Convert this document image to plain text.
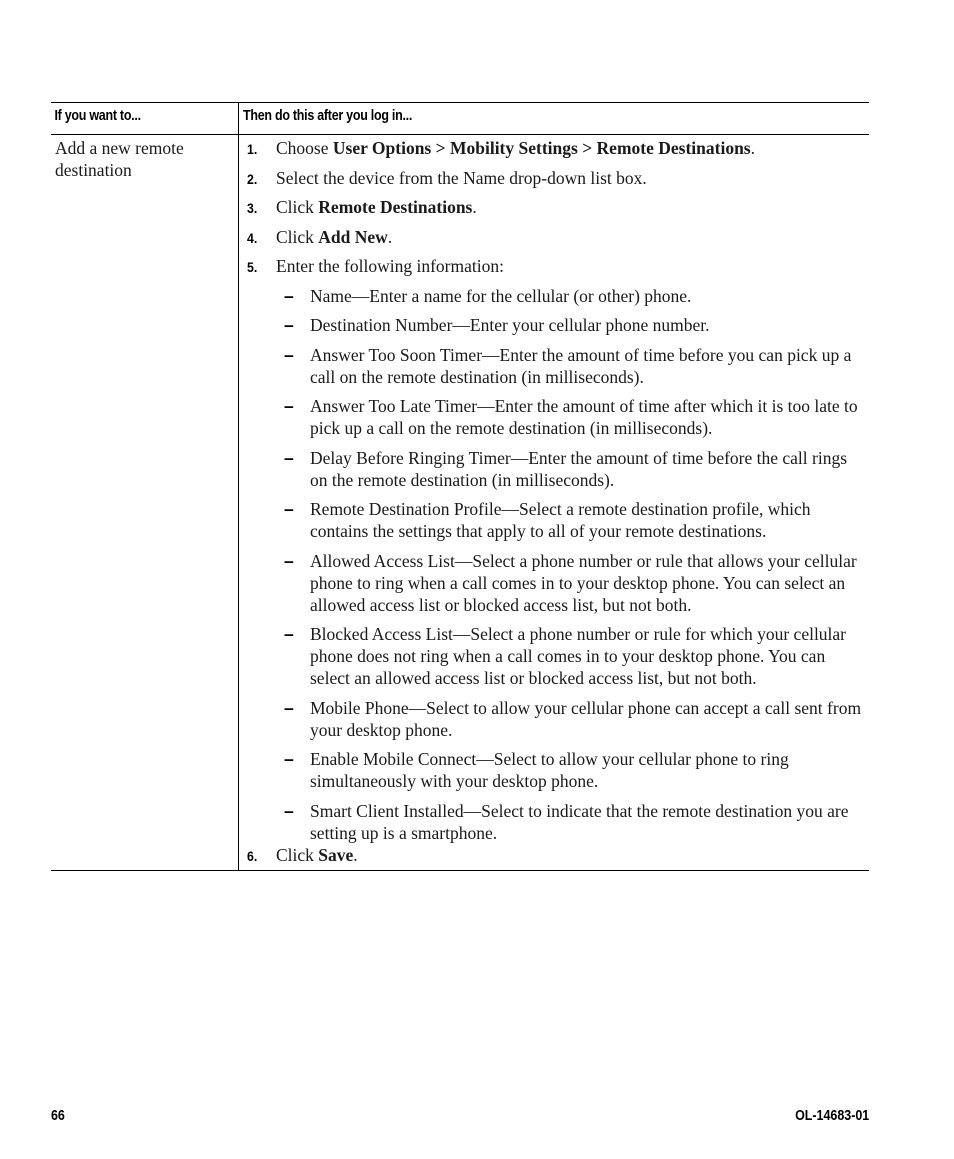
If you want to...	Then do this after you log in...
Add a new remote destination
1. Choose User Options > Mobility Settings > Remote Destinations.
2. Select the device from the Name drop-down list box.
3. Click Remote Destinations.
4. Click Add New.
5. Enter the following information:
– Name—Enter a name for the cellular (or other) phone.
– Destination Number—Enter your cellular phone number.
– Answer Too Soon Timer—Enter the amount of time before you can pick up a call on the remote destination (in milliseconds).
– Answer Too Late Timer—Enter the amount of time after which it is too late to pick up a call on the remote destination (in milliseconds).
– Delay Before Ringing Timer—Enter the amount of time before the call rings on the remote destination (in milliseconds).
– Remote Destination Profile—Select a remote destination profile, which contains the settings that apply to all of your remote destinations.
– Allowed Access List—Select a phone number or rule that allows your cellular phone to ring when a call comes in to your desktop phone. You can select an allowed access list or blocked access list, but not both.
– Blocked Access List—Select a phone number or rule for which your cellular phone does not ring when a call comes in to your desktop phone. You can select an allowed access list or blocked access list, but not both.
– Mobile Phone—Select to allow your cellular phone can accept a call sent from your desktop phone.
– Enable Mobile Connect—Select to allow your cellular phone to ring simultaneously with your desktop phone.
– Smart Client Installed—Select to indicate that the remote destination you are setting up is a smartphone.
6. Click Save.
66	OL-14683-01
